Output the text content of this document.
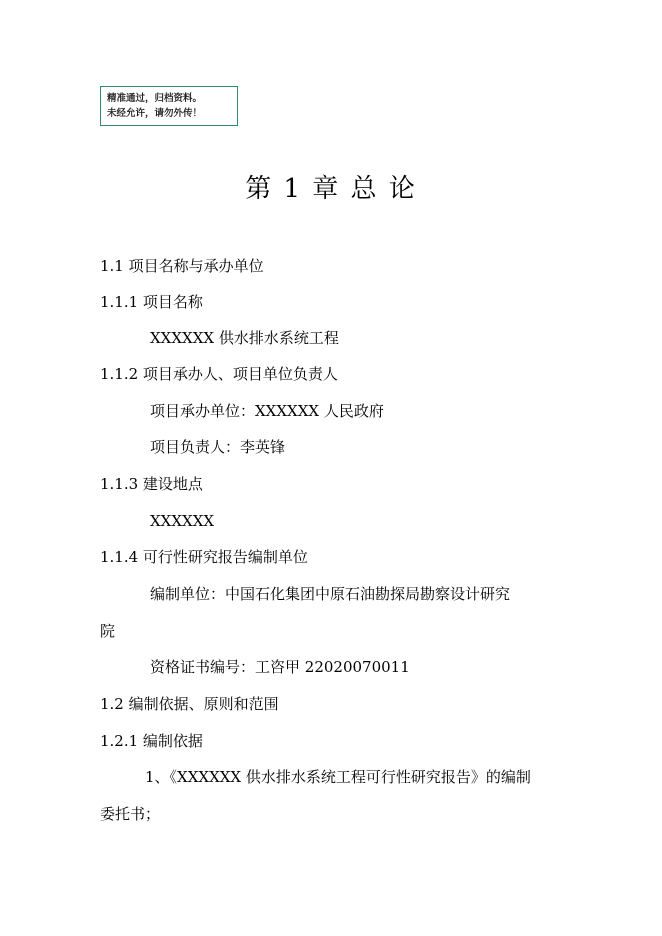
精准通过，归档资料。
未经允许，请勿外传！
第 1 章 总 论
1.1 项目名称与承办单位
1.1.1 项目名称
XXXXXX 供水排水系统工程
1.1.2 项目承办人、项目单位负责人
项目承办单位：XXXXXX 人民政府
项目负责人：李英锋
1.1.3 建设地点
XXXXXX
1.1.4 可行性研究报告编制单位
编制单位：中国石化集团中原石油勘探局勘察设计研究
院
资格证书编号：工咨甲 22020070011
1.2 编制依据、原则和范围
1.2.1 编制依据
1、《XXXXXX 供水排水系统工程可行性研究报告》的编制
委托书；
